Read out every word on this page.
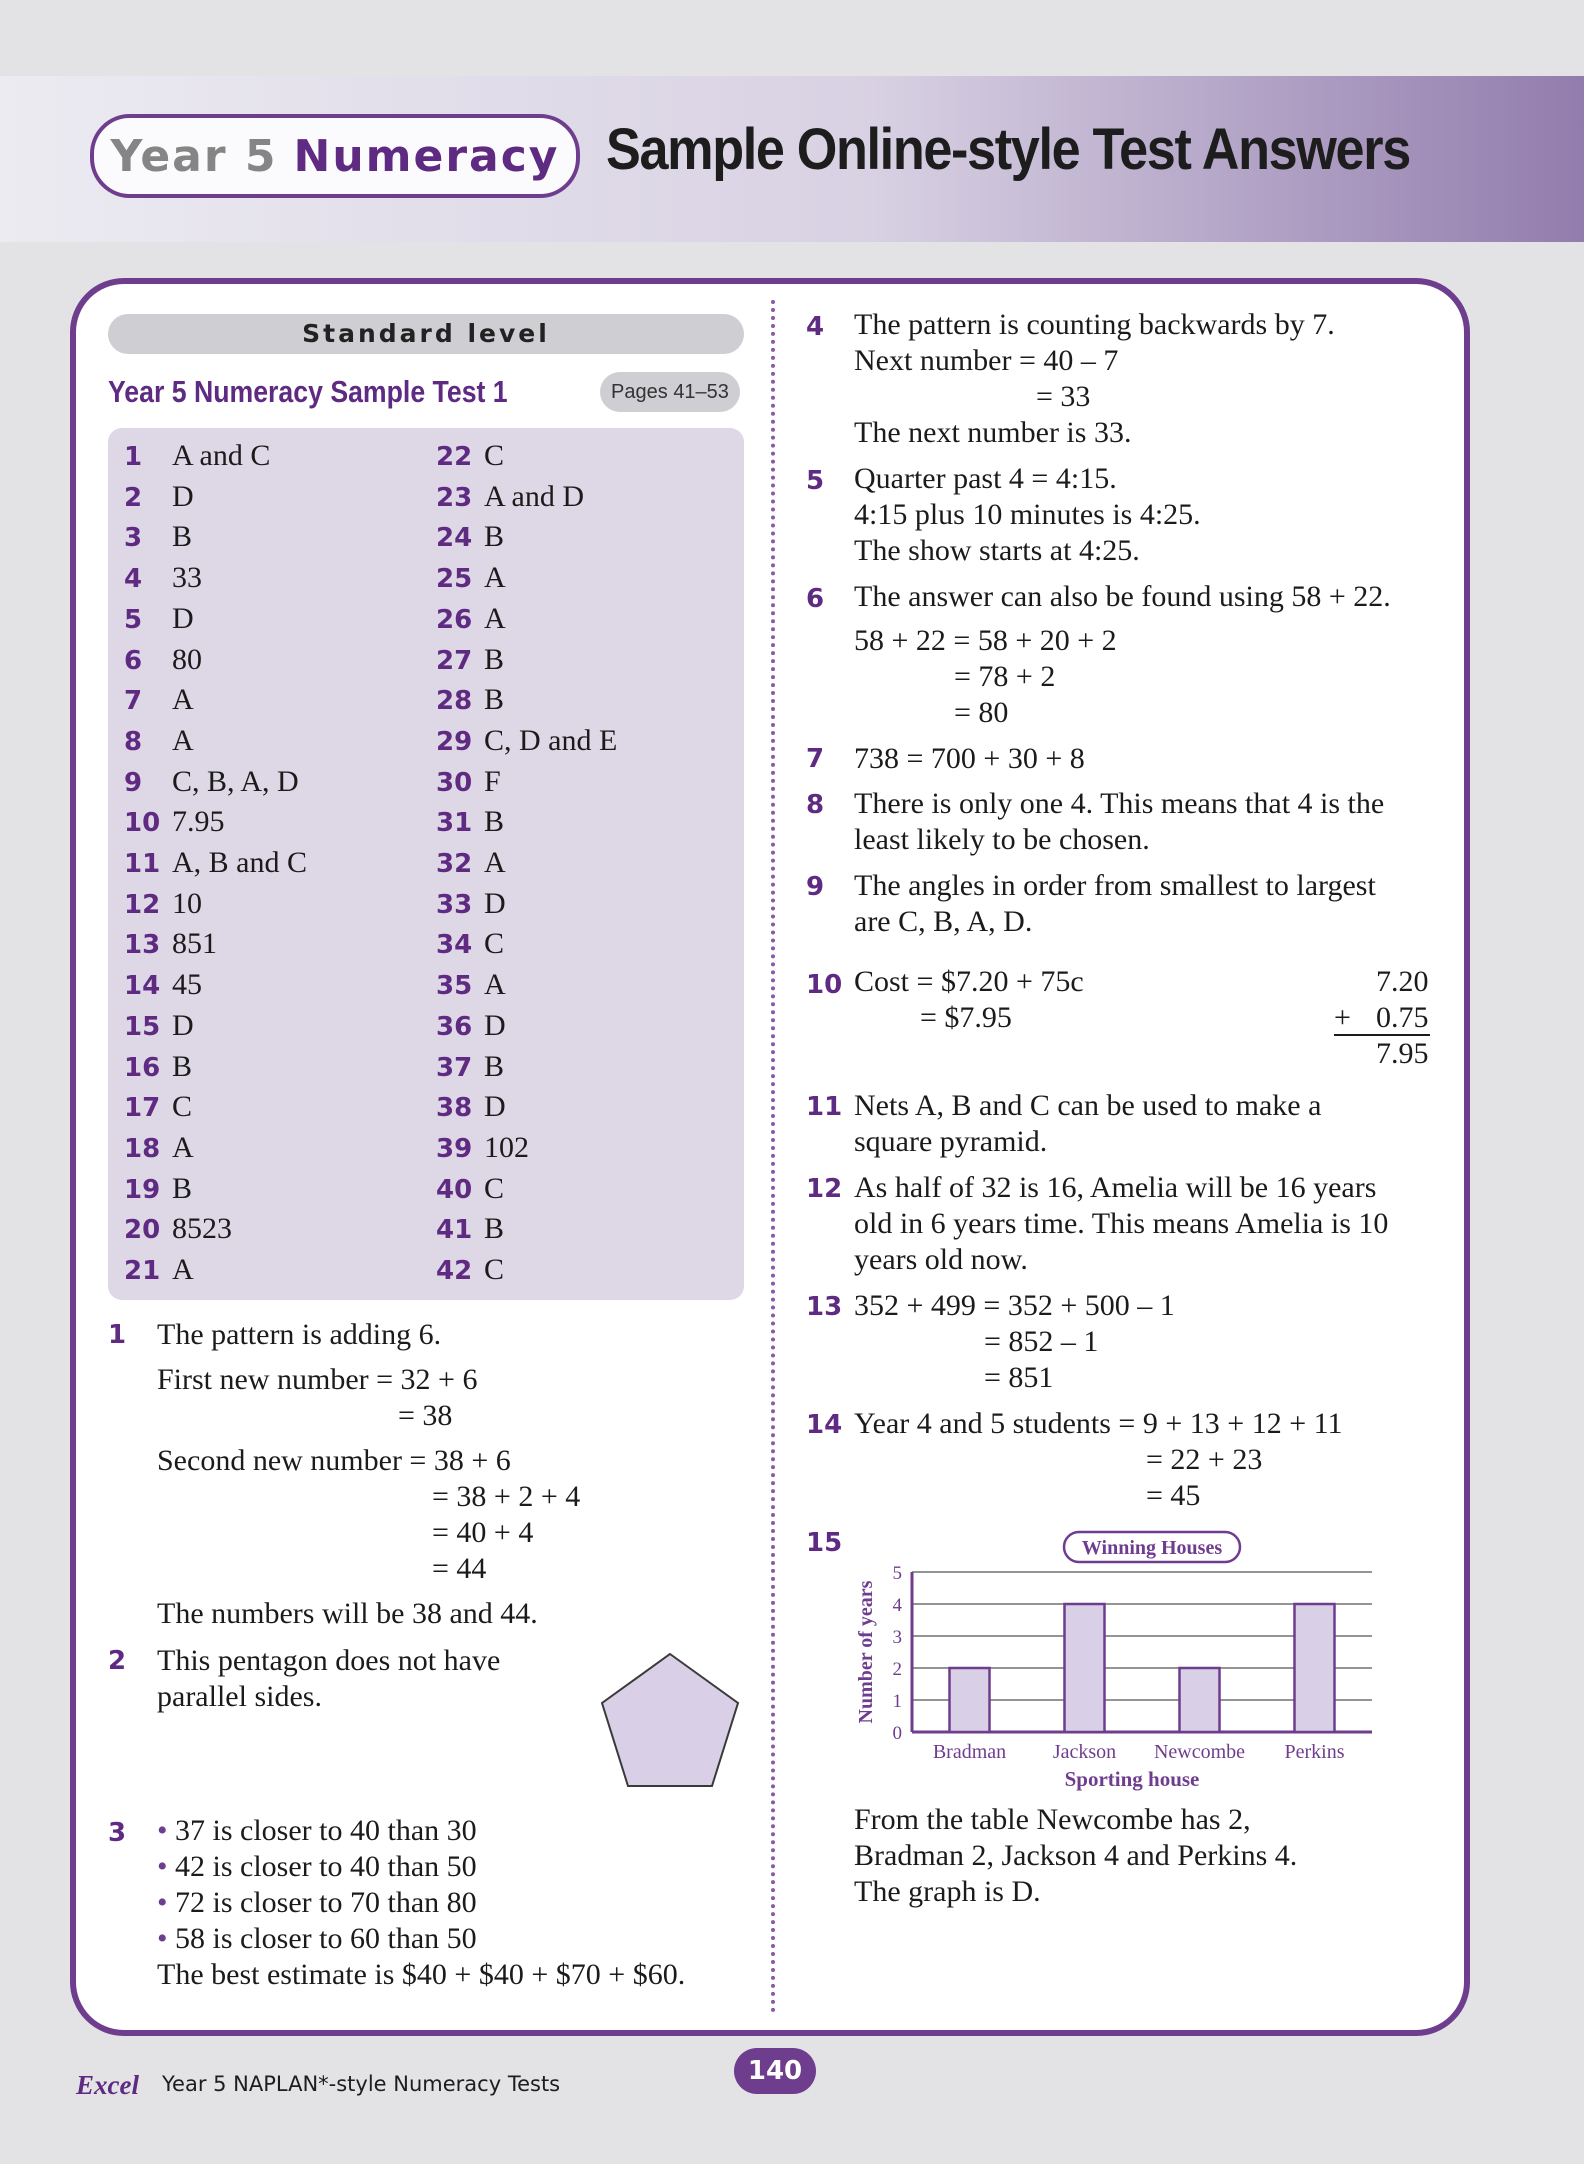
Year 5 Numeracy Sample Online-style Test Answers
Standard level
Year 5 Numeracy Sample Test 1	Pages 41–53
1 A and C
2 D
3 B
4 33
5 D
6 80
7 A
8 A
9 C, B, A, D
10 7.95
11 A, B and C
12 10
13 851
14 45
15 D
16 B
17 C
18 A
19 B
20 8523
21 A
22 C
23 A and D
24 B
25 A
26 A
27 B
28 B
29 C, D and E
30 F
31 B
32 A
33 D
34 C
35 A
36 D
37 B
38 D
39 102
40 C
41 B
42 C
1 The pattern is adding 6.
First new number = 32 + 6
= 38
Second new number = 38 + 6
= 38 + 2 + 4
= 40 + 4
= 44
The numbers will be 38 and 44.
2 This pentagon does not have
parallel sides.
3 • 37 is closer to 40 than 30
• 42 is closer to 40 than 50
• 72 is closer to 70 than 80
• 58 is closer to 60 than 50
The best estimate is $40 + $40 + $70 + $60.
4 The pattern is counting backwards by 7.
Next number = 40 – 7
= 33
The next number is 33.
5 Quarter past 4 = 4:15.
4:15 plus 10 minutes is 4:25.
The show starts at 4:25.
6 The answer can also be found using 58 + 22.
58 + 22 = 58 + 20 + 2
= 78 + 2
= 80
7 738 = 700 + 30 + 8
8 There is only one 4. This means that 4 is the
least likely to be chosen.
9 The angles in order from smallest to largest
are C, B, A, D.
10 Cost = $7.20 + 75c
= $7.95
7.20
+ 0.75
7.95
11 Nets A, B and C can be used to make a
square pyramid.
12 As half of 32 is 16, Amelia will be 16 years
old in 6 years time. This means Amelia is 10
years old now.
13 352 + 499 = 352 + 500 – 1
= 852 – 1
= 851
14 Year 4 and 5 students = 9 + 13 + 12 + 11
= 22 + 23
= 45
15
0
1
2
3
4
5
Bradman Jackson Newcombe Perkins
Winning Houses
Sporting house
Number of years
From the table Newcombe has 2,
Bradman 2, Jackson 4 and Perkins 4.
The graph is D.
Excel Year 5 NAPLAN*-style Numeracy Tests	140
